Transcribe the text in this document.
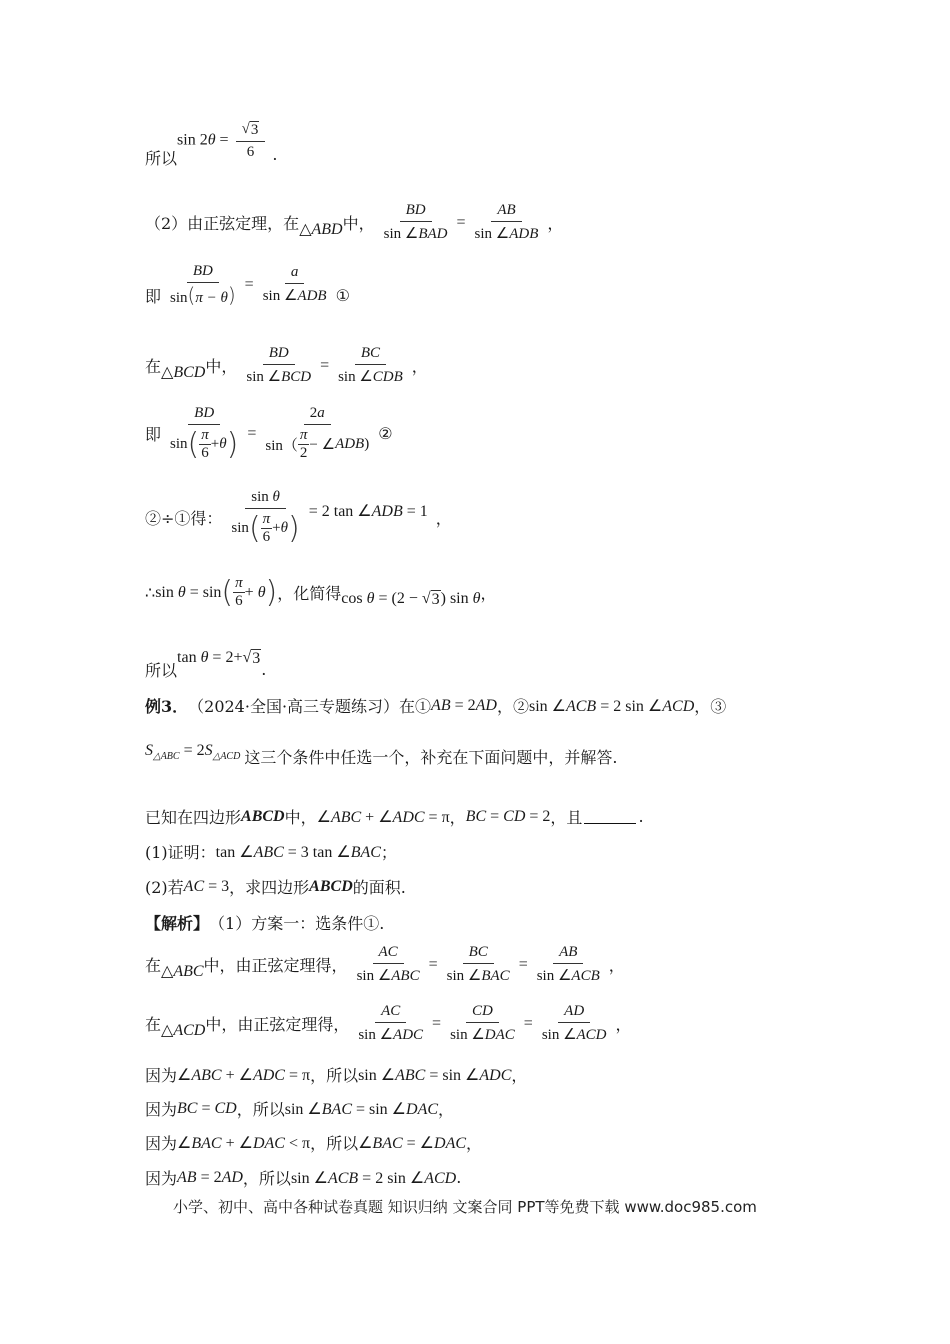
所以
$\sin 2\theta = \frac{√ 3}{6}$ .
（2）由正弦定理，在 △ABD 中 ， $\frac{BD}{\text{sin ∠BAD}} = \frac{AB}{\text{sin ∠ADB}}$ ，
即 $\frac{BD}{\sin(\pi - \theta)} = \frac{a}{\text{sin ∠ADB}}$ ①
在 △BCD 中 ， $\frac{BD}{\text{sin ∠BCD}} = \frac{BC}{\text{sin ∠CDB}}$ ，
即 $\frac{BD}{\sin ( \frac{\pi}{6} + \theta )} = \frac{2a}{\sin( \frac{\pi}{2} - \angle ADB )}$ ②
②÷①得： $\frac{\text{sin θ}}{\sin ( \frac{\pi}{6} + \theta )} = 2$ tan ∠ADB = 1 ，
∴ sin θ = sin ( $\frac{\pi}{6} + \theta$ ) ，化简得 cos θ = (2 − √ 3 ) sin θ ，
所以
tan θ = 2+ √ 3
.
例3． （2024·全国·高三专题练习）在① AB = 2AD ，② sin ∠ACB = 2 sin ∠ACD ，③
$S_{\triangle ABC} = 2S_{\triangle ACD}$ 这三个条件中任选一个，补充在下面问题中，并解答.
已知在四边形 ABCD 中， ∠ABC + ∠ADC = π ， BC = CD = 2 ，且	.
(1)证明： tan ∠ABC = 3 tan ∠BAC ；
(2)若 AC = 3 ，求四边形 ABCD 的面积.
【解析】 （1）方案一：选条件①.
在 △ABC 中，由正弦定理得， $\frac{AC}{\text{sin ∠ABC}} = \frac{BC}{\text{sin ∠BAC}} = \frac{AB}{\text{sin ∠ACB}}$ ，
在 △ACD 中，由正弦定理得， $\frac{AC}{\text{sin ∠ADC}} = \frac{CD}{\text{sin ∠DAC}} = \frac{AD}{\text{sin ∠ACD}}$ ，
因为 ∠ABC + ∠ADC = π ，所以 sin ∠ABC = sin ∠ADC ，
因为 BC = CD ，所以 sin ∠BAC = sin ∠DAC ，
因为 ∠BAC + ∠DAC < π ，所以 ∠BAC = ∠DAC ，
因为 AB = 2AD ，所以 sin ∠ACB = 2 sin ∠ACD .
小学、初中、高中各种试卷真题 知识归纳 文案合同 PPT等免费下载 www.doc985.com
